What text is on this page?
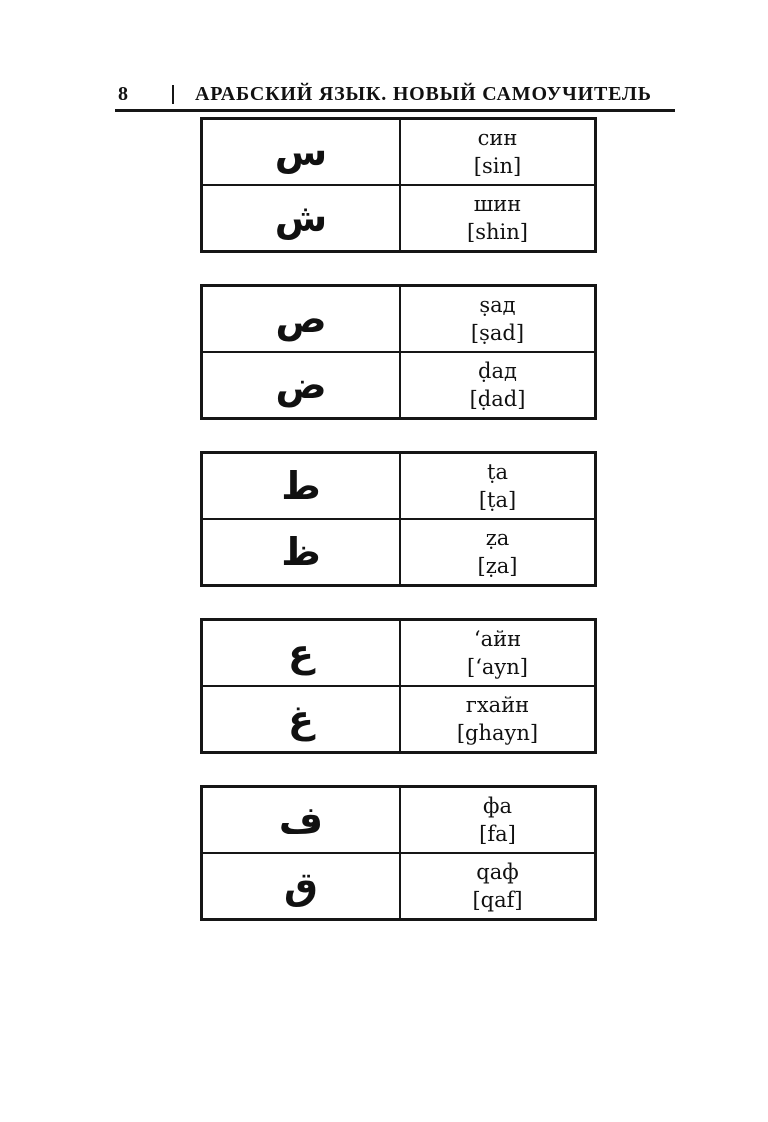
8	АРАБСКИЙ ЯЗЫК. НОВЫЙ САМОУЧИТЕЛЬ
س	син
[sin]

ش	шин
[shin]
ص	ṣад
[ṣad]

ض	ḍад
[ḍad]
ط	ṭа
[ṭa]

ظ	ẓа
[ẓa]
ع	‘айн
[‘ayn]

غ	гхайн
[ghayn]
ف	фа
[fa]

ق	qаф
[qaf]
